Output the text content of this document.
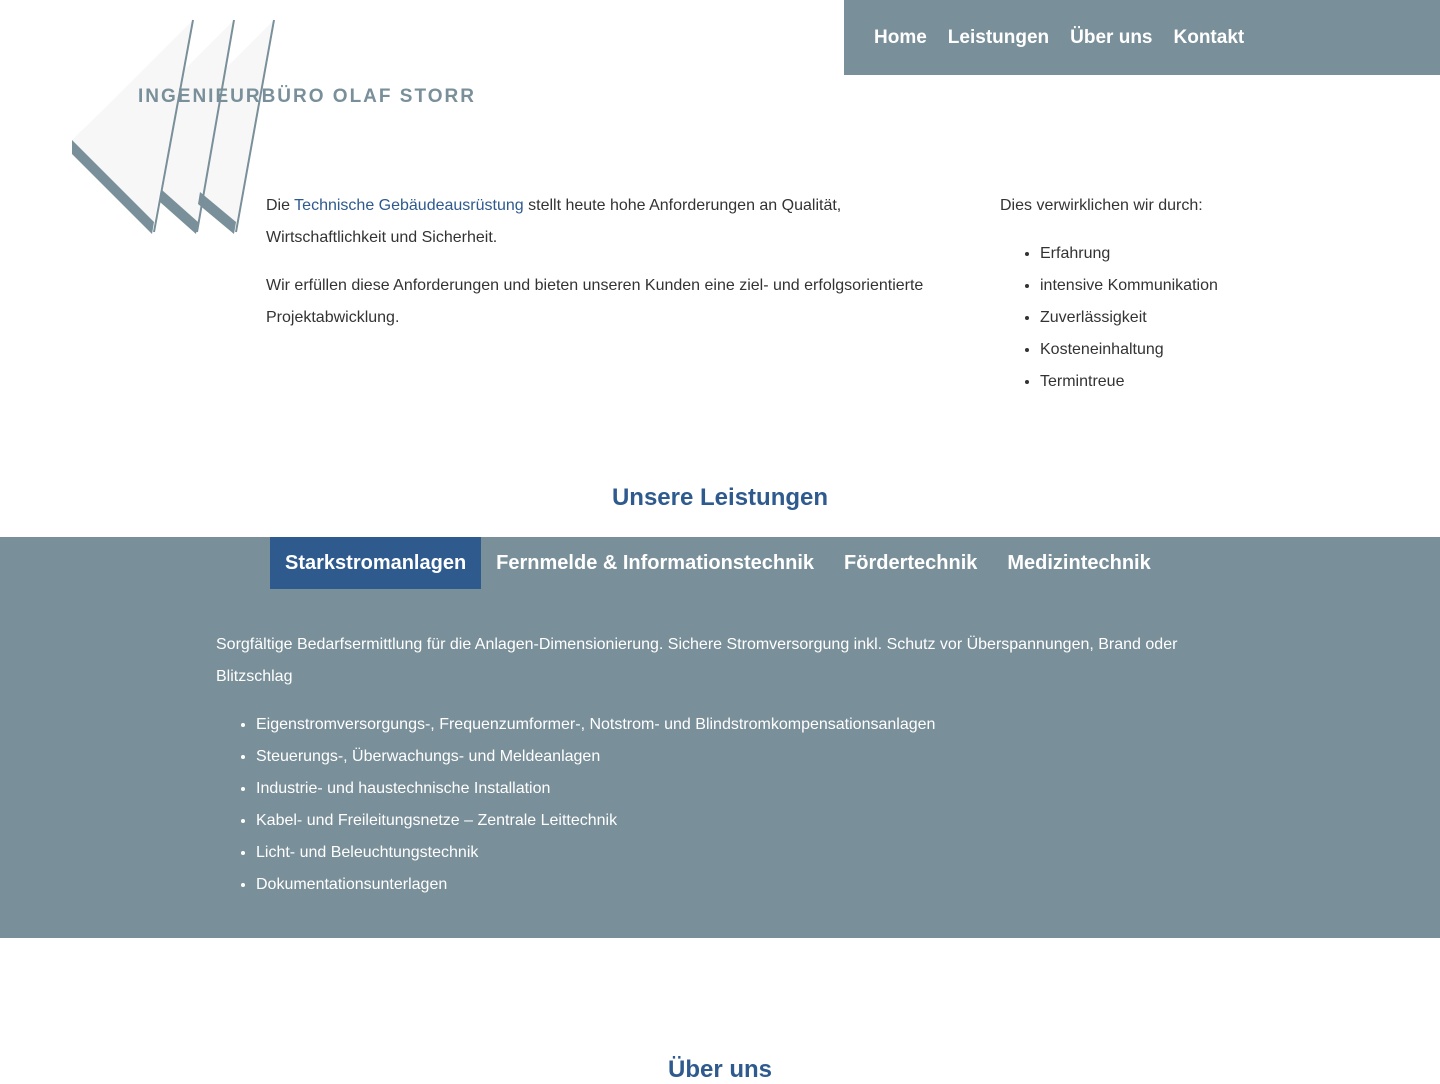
INGENIEURBÜRO OLAF STORR
Home Leistungen Über uns Kontakt

Die Technische Gebäudeausrüstung stellt heute hohe Anforderungen an Qualität, Wirtschaftlichkeit und Sicherheit.

Wir erfüllen diese Anforderungen und bieten unseren Kunden eine ziel- und erfolgsorientierte Projektabwicklung.

Dies verwirklichen wir durch:

• Erfahrung
• intensive Kommunikation
• Zuverlässigkeit
• Kosteneinhaltung
• Termintreue
Unsere Leistungen
Starkstromanlagen	Fernmelde & Informationstechnik	Fördertechnik	Medizintechnik

Sorgfältige Bedarfsermittlung für die Anlagen-Dimensionierung. Sichere Stromversorgung inkl. Schutz vor Überspannungen, Brand oder Blitzschlag

• Eigenstromversorgungs-, Frequenzumformer-, Notstrom- und Blindstromkompensationsanlagen
• Steuerungs-, Überwachungs- und Meldeanlagen
• Industrie- und haustechnische Installation
• Kabel- und Freileitungsnetze – Zentrale Leittechnik
• Licht- und Beleuchtungstechnik
• Dokumentationsunterlagen
Über uns
